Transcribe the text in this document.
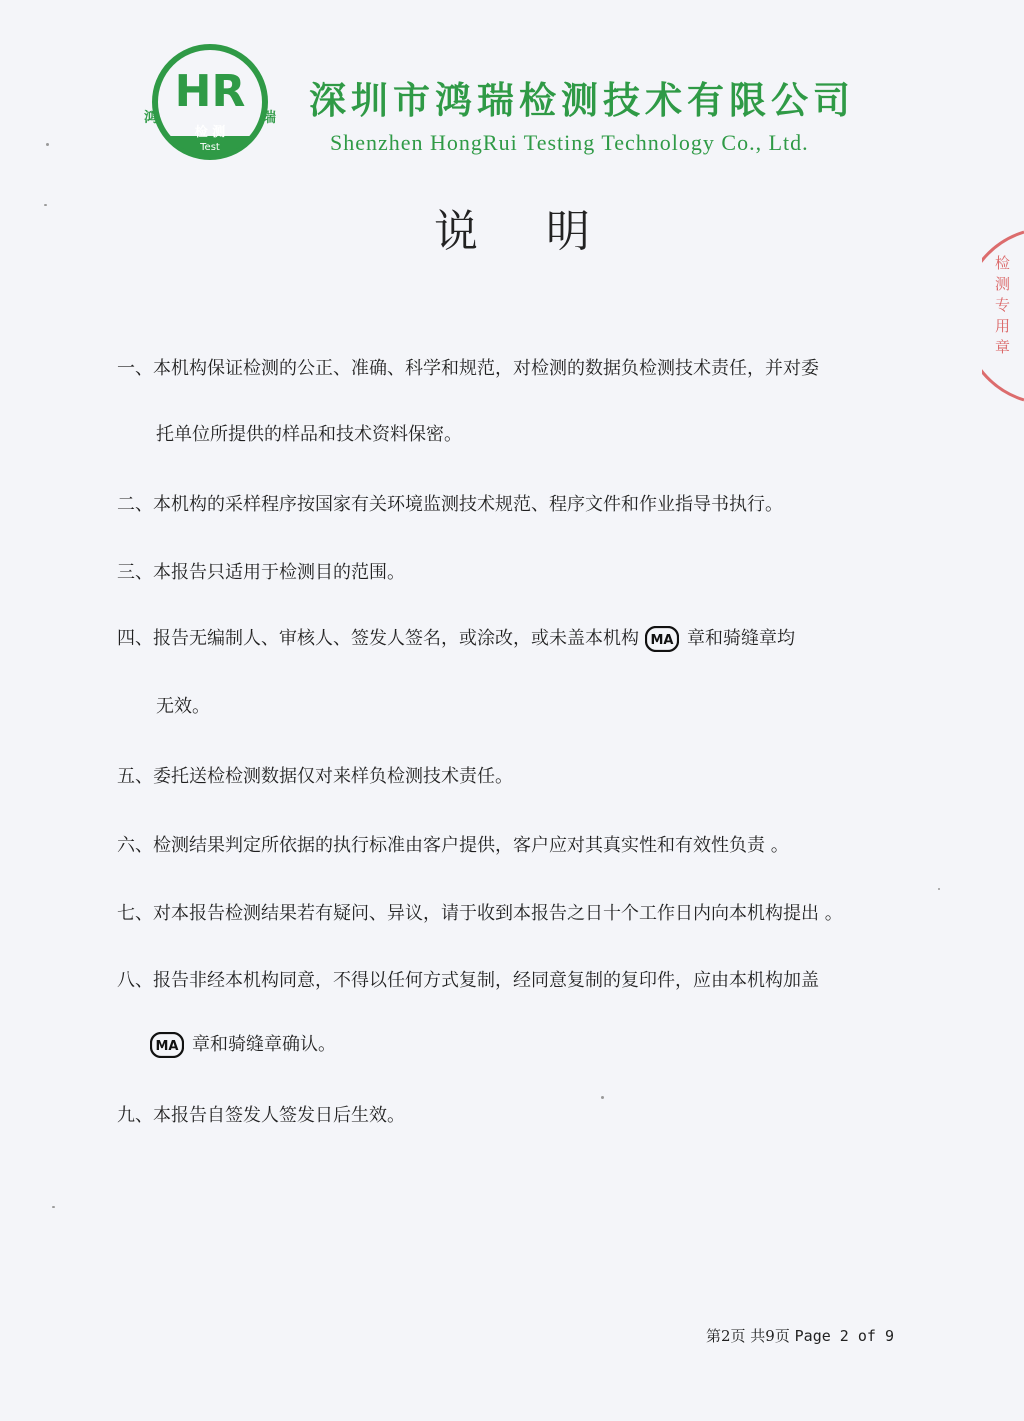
HR
检 测
Test
鸿	瑞 深圳市鸿瑞检测技术有限公司
Shenzhen HongRui Testing Technology Co., Ltd.
说明
一、本机构保证检测的公正、准确、科学和规范，对检测的数据负检测技术责任，并对委
托单位所提供的样品和技术资料保密。
二、本机构的采样程序按国家有关环境监测技术规范、程序文件和作业指导书执行。
三、本报告只适用于检测目的范围。
四、报告无编制人、审核人、签发人签名，或涂改，或未盖本机构 MA 章和骑缝章均
无效。
五、委托送检检测数据仅对来样负检测技术责任。
六、检测结果判定所依据的执行标准由客户提供，客户应对其真实性和有效性负责 。
七、对本报告检测结果若有疑问、异议，请于收到本报告之日十个工作日内向本机构提出 。
八、报告非经本机构同意，不得以任何方式复制，经同意复制的复印件，应由本机构加盖
MA 章和骑缝章确认。
九、本报告自签发人签发日后生效。
检测专用章
第2页 共9页 Page 2 of 9
